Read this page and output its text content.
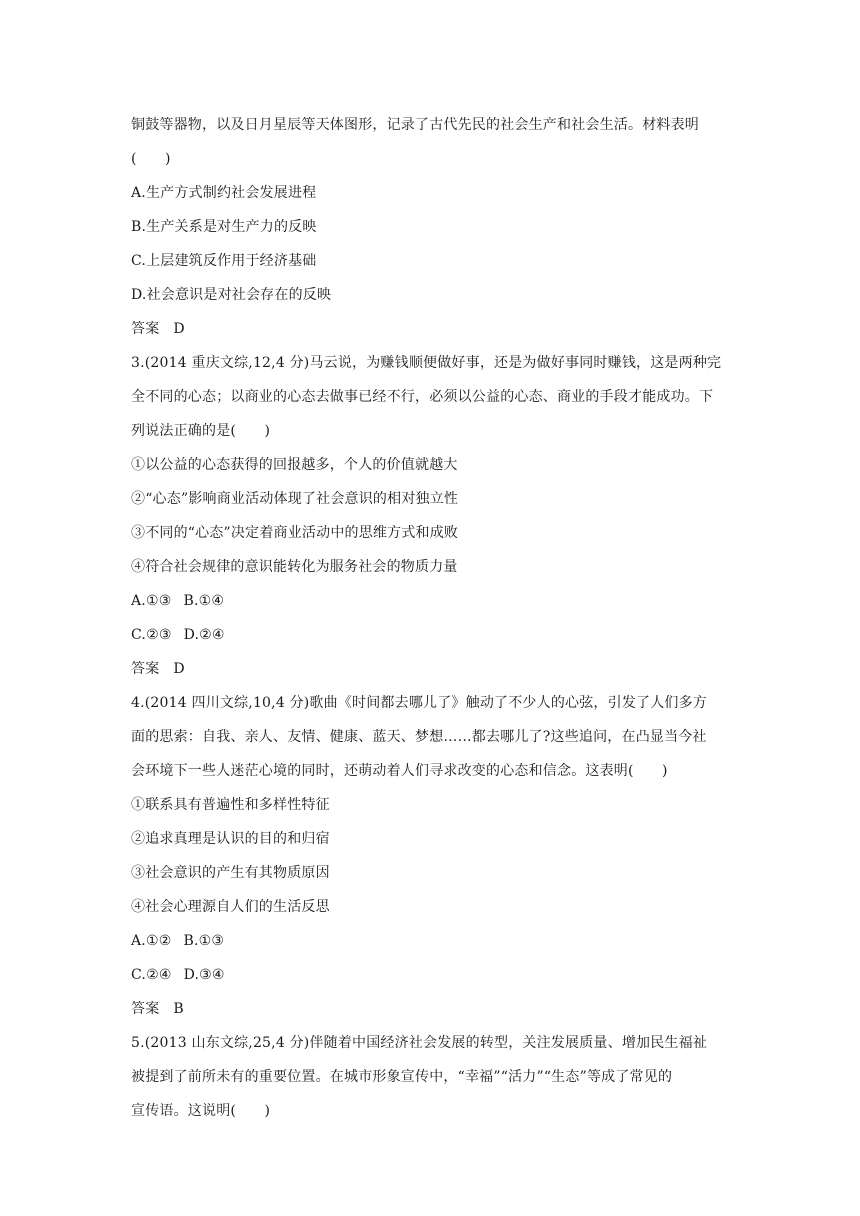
铜鼓等器物，以及日月星辰等天体图形，记录了古代先民的社会生产和社会生活。材料表明
(　　)
A.生产方式制约社会发展进程
B.生产关系是对生产力的反映
C.上层建筑反作用于经济基础
D.社会意识是对社会存在的反映
答案 D
3.(2014 重庆文综,12,4 分)马云说，为赚钱顺便做好事，还是为做好事同时赚钱，这是两种完
全不同的心态；以商业的心态去做事已经不行，必须以公益的心态、商业的手段才能成功。下
列说法正确的是(　　)
①以公益的心态获得的回报越多，个人的价值就越大
②“心态”影响商业活动体现了社会意识的相对独立性
③不同的“心态”决定着商业活动中的思维方式和成败
④符合社会规律的意识能转化为服务社会的物质力量
A.①③ B.①④
C.②③ D.②④
答案 D
4.(2014 四川文综,10,4 分)歌曲《时间都去哪儿了》触动了不少人的心弦，引发了人们多方
面的思索：自我、亲人、友情、健康、蓝天、梦想……都去哪儿了?这些追问，在凸显当今社
会环境下一些人迷茫心境的同时，还萌动着人们寻求改变的心态和信念。这表明(　　)
①联系具有普遍性和多样性特征
②追求真理是认识的目的和归宿
③社会意识的产生有其物质原因
④社会心理源自人们的生活反思
A.①② B.①③
C.②④ D.③④
答案 B
5.(2013 山东文综,25,4 分)伴随着中国经济社会发展的转型，关注发展质量、增加民生福祉
被提到了前所未有的重要位置。在城市形象宣传中，“幸福”“活力”“生态”等成了常见的
宣传语。这说明(　　)
